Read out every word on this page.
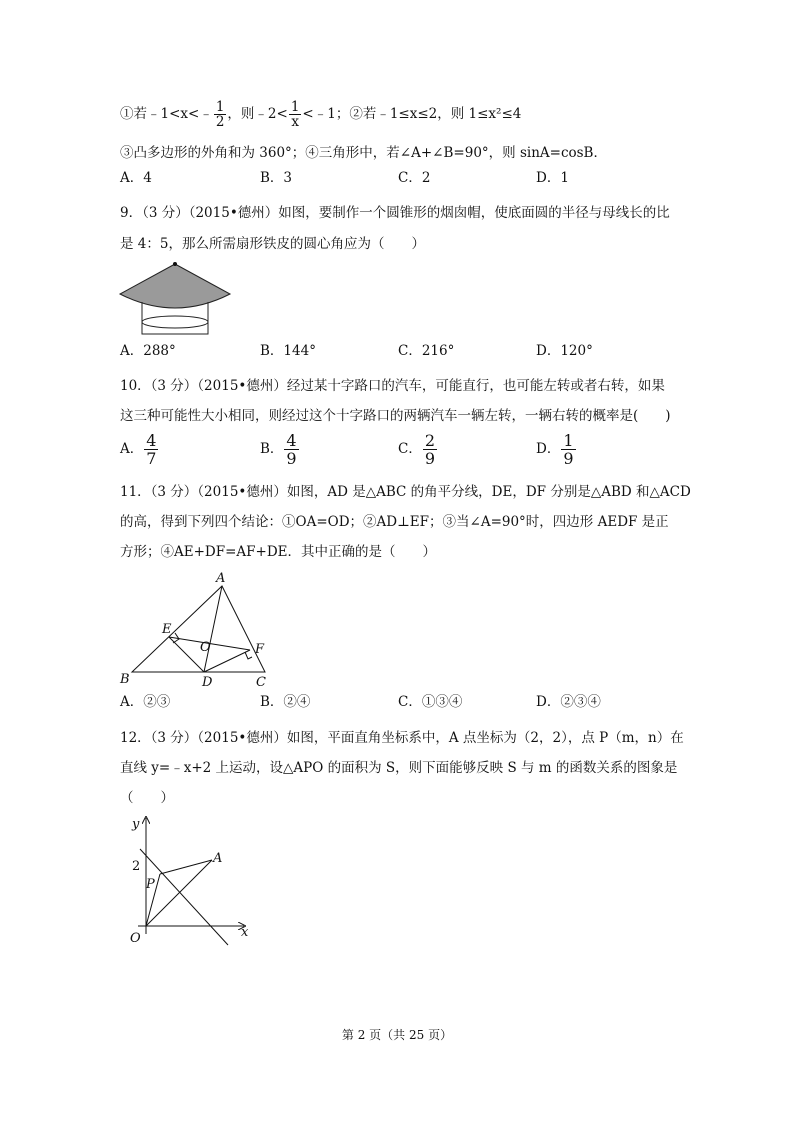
①若﹣1<x<﹣ $\frac{1}{2}$ ，则﹣2< $\frac{1}{x}$ <﹣1；②若﹣1≤x≤2，则 1≤x²≤4
③凸多边形的外角和为 360°；④三角形中，若∠A+∠B=90°，则 sinA=cosB．
A．4	B．3	C．2	D．1
9．（3 分）（2015•德州）如图，要制作一个圆锥形的烟囱帽，使底面圆的半径与母线长的比
是 4：5，那么所需扇形铁皮的圆心角应为（　　）
A．288°	B．144°	C．216°	D．120°
10．（3 分）（2015•德州）经过某十字路口的汽车，可能直行，也可能左转或者右转，如果
这三种可能性大小相同，则经过这个十字路口的两辆汽车一辆左转，一辆右转的概率是(　　)
A． $\frac{4}{7}$	B． $\frac{4}{9}$	C． $\frac{2}{9}$	D． $\frac{1}{9}$
11．（3 分）（2015•德州）如图，AD 是△ABC 的角平分线，DE，DF 分别是△ABD 和△ACD
的高，得到下列四个结论：①OA=OD；②AD⊥EF；③当∠A=90°时，四边形 AEDF 是正
方形；④AE+DF=AF+DE．其中正确的是（　　）
A
B	C
D
E
F
O
A．②③	B．②④	C．①③④	D．②③④
12．（3 分）（2015•德州）如图，平面直角坐标系中，A 点坐标为（2，2），点 P（m，n）在
直线 y=﹣x+2 上运动，设△APO 的面积为 S，则下面能够反映 S 与 m 的函数关系的图象是
（　　）
y
x
O
2
P
A
第 2 页（共 25 页）
